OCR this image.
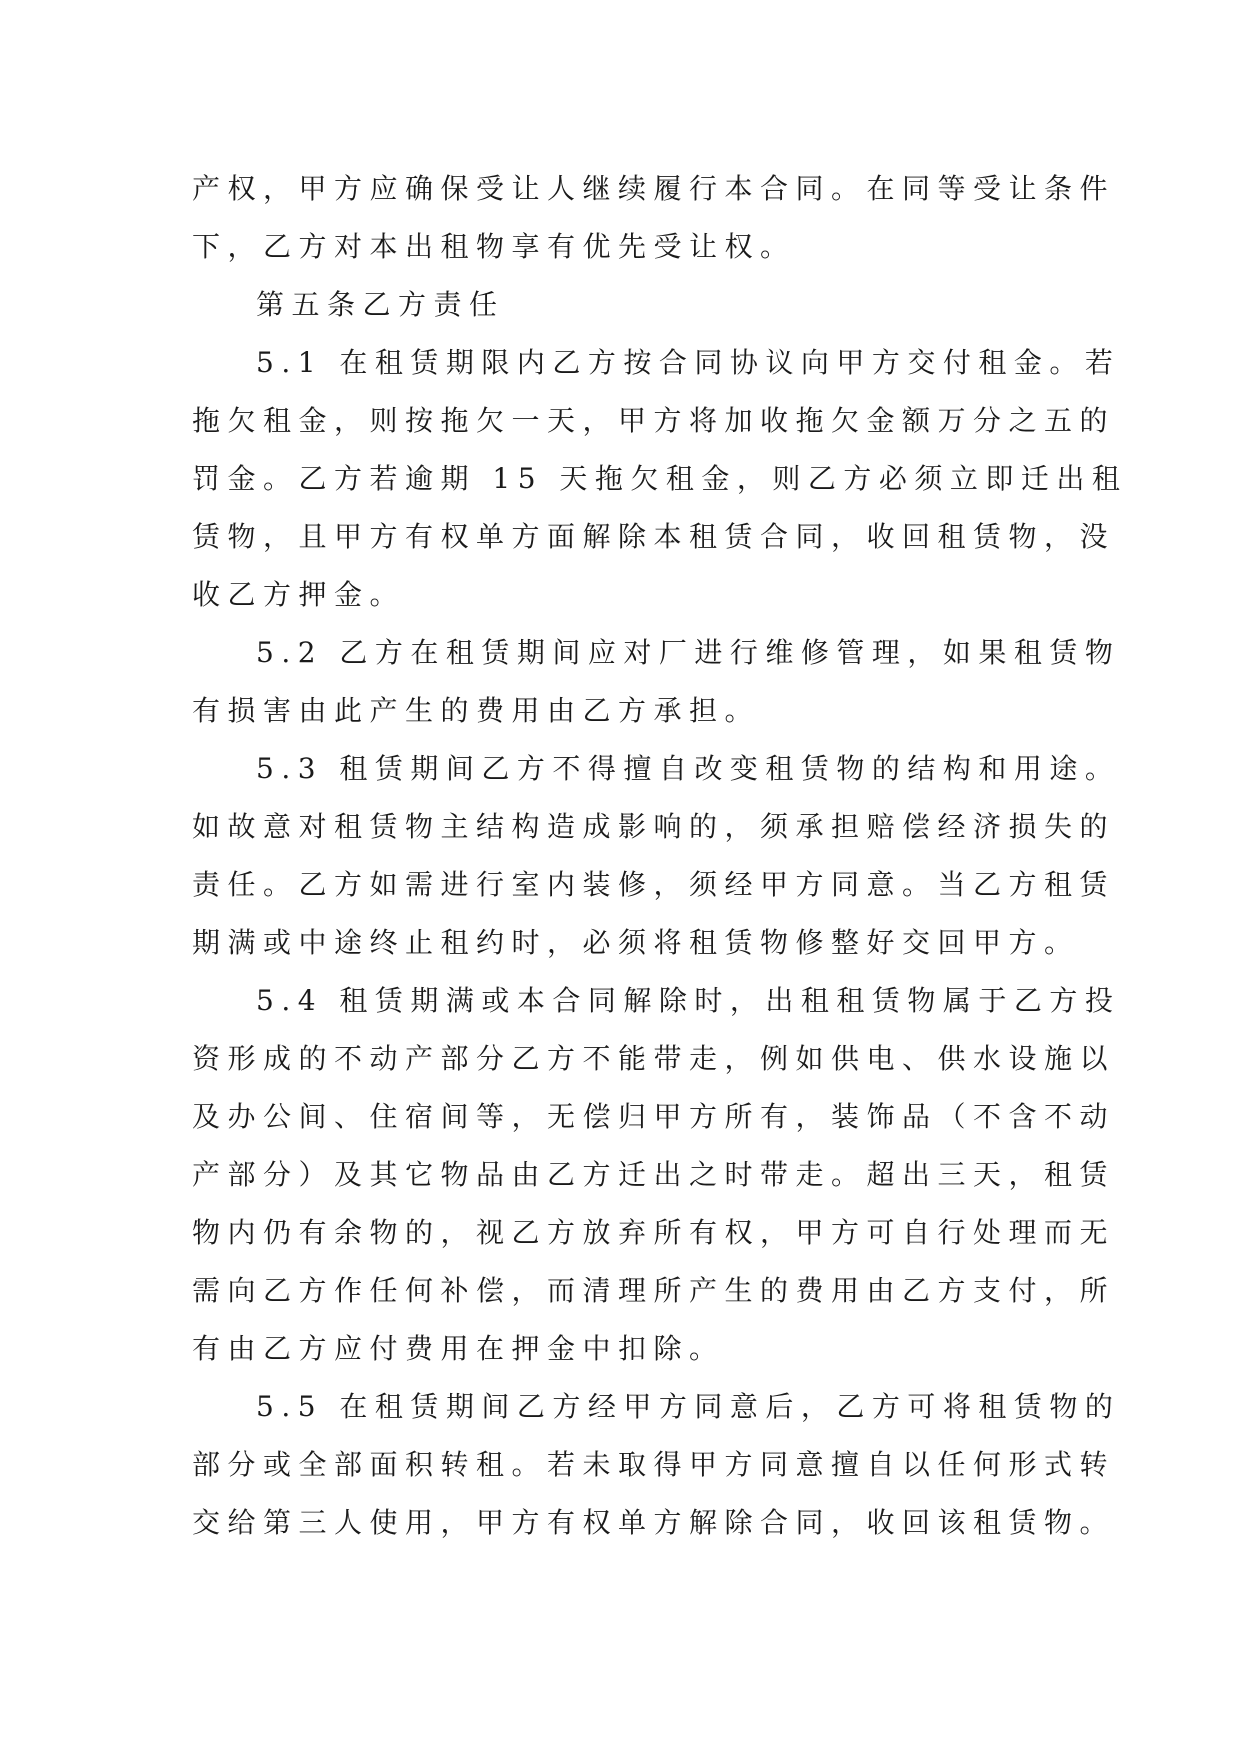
产权，甲方应确保受让人继续履行本合同。在同等受让条件
下，乙方对本出租物享有优先受让权。
第五条乙方责任
5.1 在租赁期限内乙方按合同协议向甲方交付租金。若
拖欠租金，则按拖欠一天，甲方将加收拖欠金额万分之五的
罚金。乙方若逾期 15 天拖欠租金，则乙方必须立即迁出租
赁物，且甲方有权单方面解除本租赁合同，收回租赁物，没
收乙方押金。
5.2 乙方在租赁期间应对厂进行维修管理，如果租赁物
有损害由此产生的费用由乙方承担。
5.3 租赁期间乙方不得擅自改变租赁物的结构和用途。
如故意对租赁物主结构造成影响的，须承担赔偿经济损失的
责任。乙方如需进行室内装修，须经甲方同意。当乙方租赁
期满或中途终止租约时，必须将租赁物修整好交回甲方。
5.4 租赁期满或本合同解除时，出租租赁物属于乙方投
资形成的不动产部分乙方不能带走，例如供电、供水设施以
及办公间、住宿间等，无偿归甲方所有，装饰品（不含不动
产部分）及其它物品由乙方迁出之时带走。超出三天，租赁
物内仍有余物的，视乙方放弃所有权，甲方可自行处理而无
需向乙方作任何补偿，而清理所产生的费用由乙方支付，所
有由乙方应付费用在押金中扣除。
5.5 在租赁期间乙方经甲方同意后，乙方可将租赁物的
部分或全部面积转租。若未取得甲方同意擅自以任何形式转
交给第三人使用，甲方有权单方解除合同，收回该租赁物。
